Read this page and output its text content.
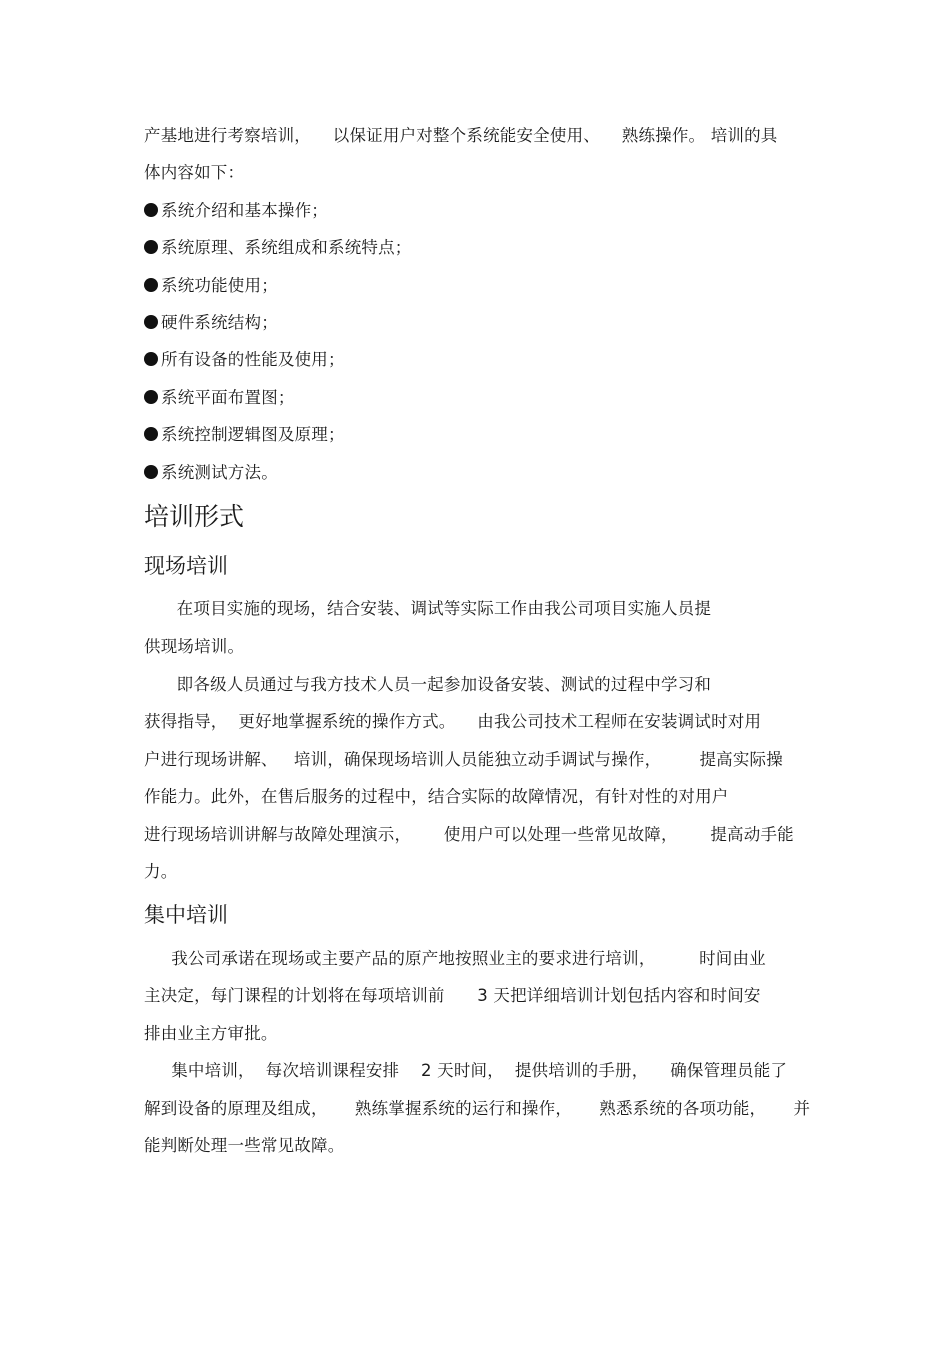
产基地进行考察培训，    以保证用户对整个系统能安全使用、    熟练操作。 培训的具
体内容如下：
系统介绍和基本操作；
系统原理、系统组成和系统特点；
系统功能使用；
硬件系统结构；
所有设备的性能及使用；
系统平面布置图；
系统控制逻辑图及原理；
系统测试方法。
培训形式
现场培训
在项目实施的现场，结合安装、调试等实际工作由我公司项目实施人员提
供现场培训。
即各级人员通过与我方技术人员一起参加设备安装、测试的过程中学习和
获得指导，  更好地掌握系统的操作方式。    由我公司技术工程师在安装调试时对用
户进行现场讲解、   培训，确保现场培训人员能独立动手调试与操作，       提高实际操
作能力。此外，在售后服务的过程中，结合实际的故障情况，有针对性的对用户
进行现场培训讲解与故障处理演示，      使用户可以处理一些常见故障，      提高动手能
力。
集中培训
我公司承诺在现场或主要产品的原产地按照业主的要求进行培训，        时间由业
主决定，每门课程的计划将在每项培训前      3 天把详细培训计划包括内容和时间安
排由业主方审批。
集中培训，  每次培训课程安排    2 天时间，  提供培训的手册，    确保管理员能了
解到设备的原理及组成，     熟练掌握系统的运行和操作，     熟悉系统的各项功能，     并
能判断处理一些常见故障。
